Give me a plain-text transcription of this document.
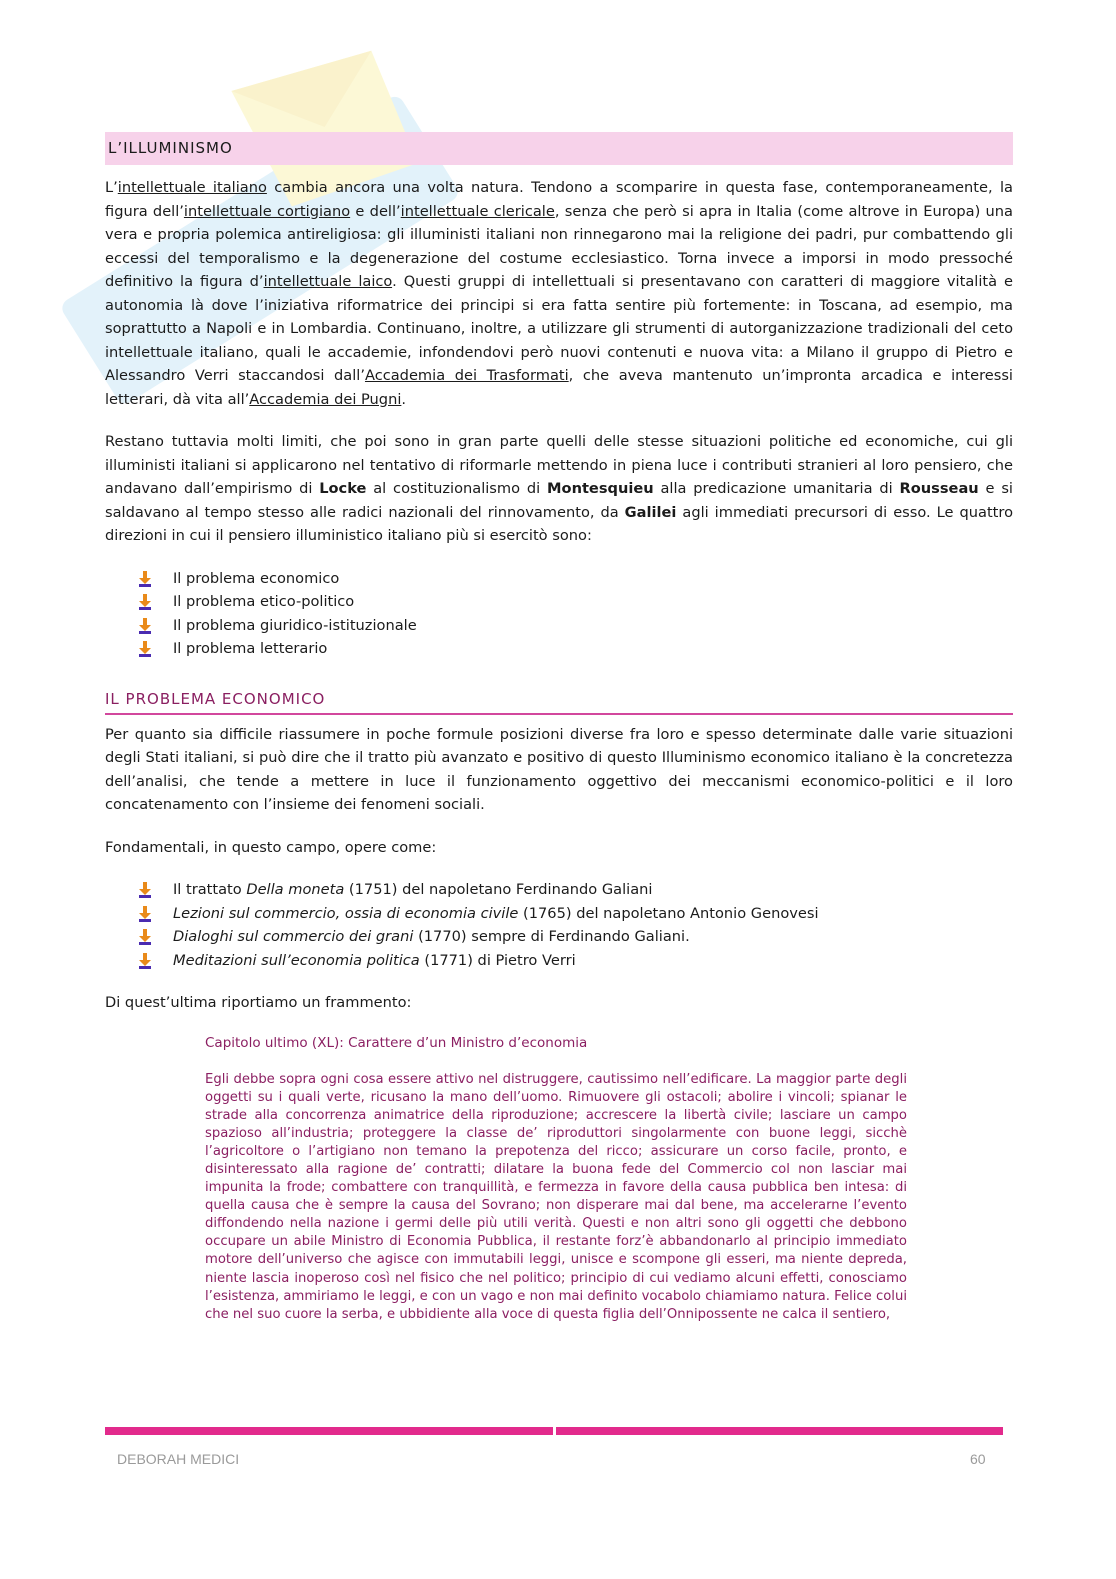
L’ILLUMINISMO

L’intellettuale italiano cambia ancora una volta natura. Tendono a scomparire in questa fase, contemporaneamente, la figura dell’intellettuale cortigiano e dell’intellettuale clericale, senza che però si apra in Italia (come altrove in Europa) una vera e propria polemica antireligiosa: gli illuministi italiani non rinnegarono mai la religione dei padri, pur combattendo gli eccessi del temporalismo e la degenerazione del costume ecclesiastico. Torna invece a imporsi in modo pressoché definitivo la figura d’intellettuale laico. Questi gruppi di intellettuali si presentavano con caratteri di maggiore vitalità e autonomia là dove l’iniziativa riformatrice dei principi si era fatta sentire più fortemente: in Toscana, ad esempio, ma soprattutto a Napoli e in Lombardia. Continuano, inoltre, a utilizzare gli strumenti di autorganizzazione tradizionali del ceto intellettuale italiano, quali le accademie, infondendovi però nuovi contenuti e nuova vita: a Milano il gruppo di Pietro e Alessandro Verri staccandosi dall’Accademia dei Trasformati, che aveva mantenuto un’impronta arcadica e interessi letterari, dà vita all’Accademia dei Pugni.

Restano tuttavia molti limiti, che poi sono in gran parte quelli delle stesse situazioni politiche ed economiche, cui gli illuministi italiani si applicarono nel tentativo di riformarle mettendo in piena luce i contributi stranieri al loro pensiero, che andavano dall’empirismo di Locke al costituzionalismo di Montesquieu alla predicazione umanitaria di Rousseau e si saldavano al tempo stesso alle radici nazionali del rinnovamento, da Galilei agli immediati precursori di esso. Le quattro direzioni in cui il pensiero illuministico italiano più si esercitò sono:

Il problema economico
Il problema etico-politico
Il problema giuridico-istituzionale
Il problema letterario
IL PROBLEMA ECONOMICO

Per quanto sia difficile riassumere in poche formule posizioni diverse fra loro e spesso determinate dalle varie situazioni degli Stati italiani, si può dire che il tratto più avanzato e positivo di questo Illuminismo economico italiano è la concretezza dell’analisi, che tende a mettere in luce il funzionamento oggettivo dei meccanismi economico-politici e il loro concatenamento con l’insieme dei fenomeni sociali.

Fondamentali, in questo campo, opere come:

Il trattato Della moneta (1751) del napoletano Ferdinando Galiani
Lezioni sul commercio, ossia di economia civile (1765) del napoletano Antonio Genovesi
Dialoghi sul commercio dei grani (1770) sempre di Ferdinando Galiani.
Meditazioni sull’economia politica (1771) di Pietro Verri

Di quest’ultima riportiamo un frammento:

Capitolo ultimo (XL): Carattere d’un Ministro d’economia
Egli debbe sopra ogni cosa essere attivo nel distruggere, cautissimo nell’edificare. La maggior parte degli oggetti su i quali verte, ricusano la mano dell’uomo. Rimuovere gli ostacoli; abolire i vincoli; spianar le strade alla concorrenza animatrice della riproduzione; accrescere la libertà civile; lasciare un campo spazioso all’industria; proteggere la classe de’ riproduttori singolarmente con buone leggi, sicchè l’agricoltore o l’artigiano non temano la prepotenza del ricco; assicurare un corso facile, pronto, e disinteressato alla ragione de’ contratti; dilatare la buona fede del Commercio col non lasciar mai impunita la frode; combattere con tranquillità, e fermezza in favore della causa pubblica ben intesa: di quella causa che è sempre la causa del Sovrano; non disperare mai dal bene, ma accelerarne l’evento diffondendo nella nazione i germi delle più utili verità. Questi e non altri sono gli oggetti che debbono occupare un abile Ministro di Economia Pubblica, il restante forz’è abbandonarlo al principio immediato motore dell’universo che agisce con immutabili leggi, unisce e scompone gli esseri, ma niente depreda, niente lascia inoperoso così nel fisico che nel politico; principio di cui vediamo alcuni effetti, conosciamo l’esistenza, ammiriamo le leggi, e con un vago e non mai definito vocabolo chiamiamo natura. Felice colui che nel suo cuore la serba, e ubbidiente alla voce di questa figlia dell’Onnipossente ne calca il sentiero,
DEBORAH MEDICI	60
